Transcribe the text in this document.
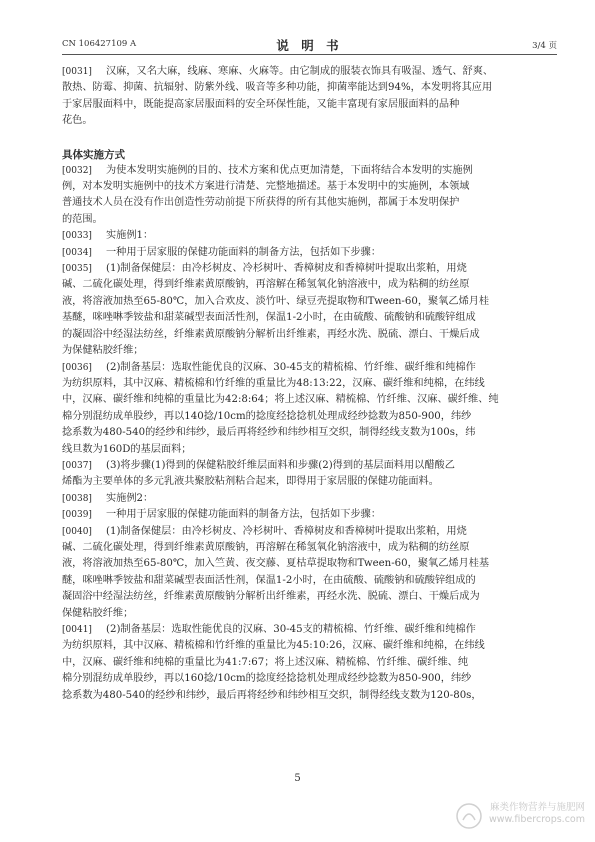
CN 106427109 A	说 明 书	3/4 页
[0031]	汉麻，又名大麻，线麻、寒麻、火麻等。由它制成的服装衣饰具有吸湿、透气、舒爽、
散热、防霉、抑菌、抗辐射、防紫外线、吸音等多种功能，抑菌率能达到94%，本发明将其应用
于家居服面料中，既能提高家居服面料的安全环保性能，又能丰富现有家居服面料的品种
花色。
具体实施方式
[0032]	为使本发明实施例的目的、技术方案和优点更加清楚，下面将结合本发明的实施例
例，对本发明实施例中的技术方案进行清楚、完整地描述。基于本发明中的实施例，本领域
普通技术人员在没有作出创造性劳动前提下所获得的所有其他实施例，都属于本发明保护
的范围。
[0033]	实施例1：
[0034]	一种用于居家服的保健功能面料的制备方法，包括如下步骤：
[0035]	(1)制备保健层：由冷杉树皮、冷杉树叶、香樟树皮和香樟树叶提取出浆粕，用烧
碱、二硫化碳处理，得到纤维素黄原酸钠，再溶解在稀氢氧化钠溶液中，成为粘稠的纺丝原
液，将溶液加热至65-80℃，加入合欢皮、淡竹叶、绿豆壳提取物和Tween-60，聚氧乙烯月桂
基醚，咪唑啉季铵盐和甜菜碱型表面活性剂，保温1-2小时，在由硫酸、硫酸钠和硫酸锌组成
的凝固浴中经湿法纺丝，纤维素黄原酸钠分解析出纤维素，再经水洗、脱硫、漂白、干燥后成
为保健粘胶纤维；
[0036]	(2)制备基层：选取性能优良的汉麻、30-45支的精梳棉、竹纤维、碳纤维和纯棉作
为纺织原料，其中汉麻、精梳棉和竹纤维的重量比为48:13:22，汉麻、碳纤维和纯棉，在纬线
中，汉麻、碳纤维和纯棉的重量比为42:8:64；将上述汉麻、精梳棉、竹纤维、汉麻、碳纤维、纯
棉分别混纺成单股纱，再以140捻/10cm的捻度经捻捻机处理成经纱捻数为850-900，纬纱
捻系数为480-540的经纱和纬纱，最后再将经纱和纬纱相互交织，制得经线支数为100s，纬
线旦数为160D的基层面料；
[0037]	(3)将步骤(1)得到的保健粘胶纤维层面料和步骤(2)得到的基层面料用以醋酸乙
烯酯为主要单体的多元乳液共聚胶粘剂粘合起来，即得用于家居服的保健功能面料。
[0038]	实施例2：
[0039]	一种用于居家服的保健功能面料的制备方法，包括如下步骤：
[0040]	(1)制备保健层：由冷杉树皮、冷杉树叶、香樟树皮和香樟树叶提取出浆粕，用烧
碱、二硫化碳处理，得到纤维素黄原酸钠，再溶解在稀氢氧化钠溶液中，成为粘稠的纺丝原
液，将溶液加热至65-80℃，加入竺黄、夜交藤、夏枯草提取物和Tween-60，聚氧乙烯月桂基
醚，咪唑啉季铵盐和甜菜碱型表面活性剂，保温1-2小时，在由硫酸、硫酸钠和硫酸锌组成的
凝固浴中经湿法纺丝，纤维素黄原酸钠分解析出纤维素，再经水洗、脱硫、漂白、干燥后成为
保健粘胶纤维；
[0041]	(2)制备基层：选取性能优良的汉麻、30-45支的精梳棉、竹纤维、碳纤维和纯棉作
为纺织原料，其中汉麻、精梳棉和竹纤维的重量比为45:10:26，汉麻、碳纤维和纯棉，在纬线
中，汉麻、碳纤维和纯棉的重量比为41:7:67；将上述汉麻、精梳棉、竹纤维、碳纤维、纯
棉分别混纺成单股纱，再以160捻/10cm的捻度经捻捻机处理成经纱捻数为850-900，纬纱
捻系数为480-540的经纱和纬纱，最后再将经纱和纬纱相互交织，制得经线支数为120-80s，
5
麻类作物营养与施肥网
www.fibercrops.com
